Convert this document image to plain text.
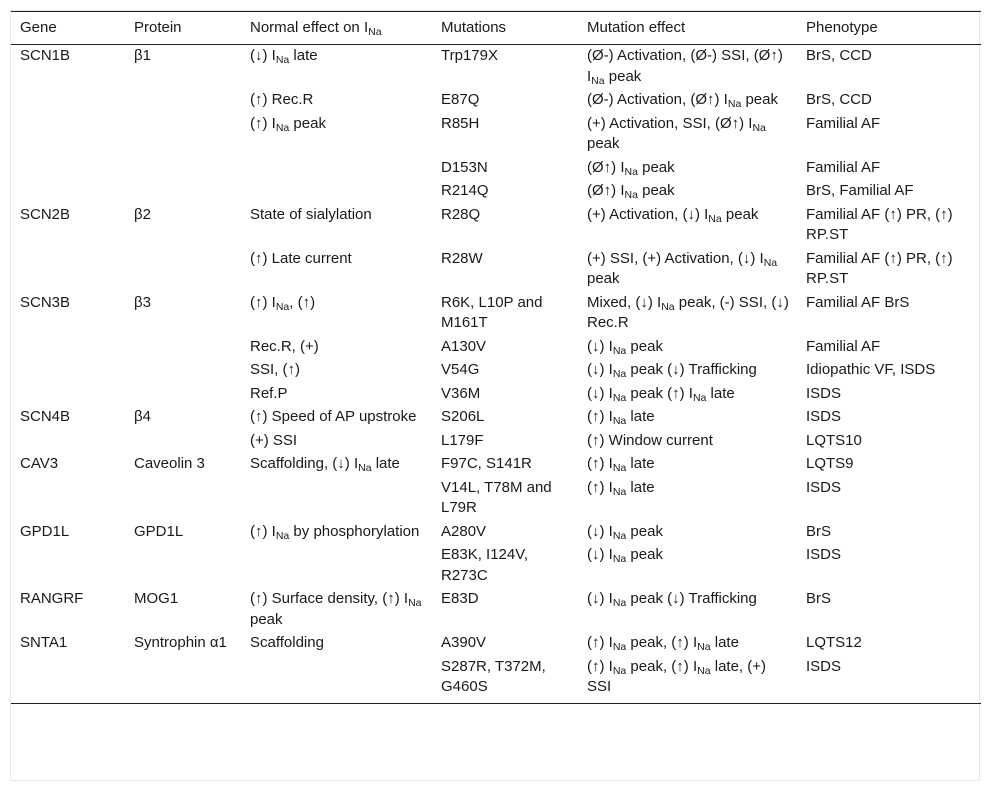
Gene	Protein	Normal effect on $I_{Na}$	Mutations	Mutation effect	Phenotype
SCN1B	β1	(↓) $I_{Na}$ late	Trp179X	(Ø-) Activation, (Ø-) SSI, (Ø↑) $I_{Na}$ peak	BrS, CCD
		(↑) Rec.R	E87Q	(Ø-) Activation, (Ø↑) $I_{Na}$ peak	BrS, CCD
		(↑) $I_{Na}$ peak	R85H	(+) Activation, SSI, (Ø↑) $I_{Na}$ peak	Familial AF
			D153N	(Ø↑) $I_{Na}$ peak	Familial AF
			R214Q	(Ø↑) $I_{Na}$ peak	BrS, Familial AF
SCN2B	β2	State of sialylation	R28Q	(+) Activation, (↓) $I_{Na}$ peak	Familial AF (↑) PR, (↑) RP.ST
		(↑) Late current	R28W	(+) SSI, (+) Activation, (↓) $I_{Na}$ peak	Familial AF (↑) PR, (↑) RP.ST
SCN3B	β3	(↑) $I_{Na}$, (↑)	R6K, L10P and M161T	Mixed, (↓) $I_{Na}$ peak, (-) SSI, (↓) Rec.R	Familial AF BrS
		Rec.R, (+)	A130V	(↓) $I_{Na}$ peak	Familial AF
		SSI, (↑)	V54G	(↓) $I_{Na}$ peak (↓) Trafficking	Idiopathic VF, ISDS
		Ref.P	V36M	(↓) $I_{Na}$ peak (↑) $I_{Na}$ late	ISDS
SCN4B	β4	(↑) Speed of AP upstroke	S206L	(↑) $I_{Na}$ late	ISDS
		(+) SSI	L179F	(↑) Window current	LQTS10
CAV3	Caveolin 3	Scaffolding, (↓) $I_{Na}$ late	F97C, S141R	(↑) $I_{Na}$ late	LQTS9
			V14L, T78M and L79R	(↑) $I_{Na}$ late	ISDS
GPD1L	GPD1L	(↑) $I_{Na}$ by phosphorylation	A280V	(↓) $I_{Na}$ peak	BrS
			E83K, I124V, R273C	(↓) $I_{Na}$ peak	ISDS
RANGRF	MOG1	(↑) Surface density, (↑) $I_{Na}$ peak	E83D	(↓) $I_{Na}$ peak (↓) Trafficking	BrS
SNTA1	Syntrophin α1	Scaffolding	A390V	(↑) $I_{Na}$ peak, (↑) $I_{Na}$ late	LQTS12
			S287R, T372M, G460S	(↑) $I_{Na}$ peak, (↑) $I_{Na}$ late, (+) SSI	ISDS
